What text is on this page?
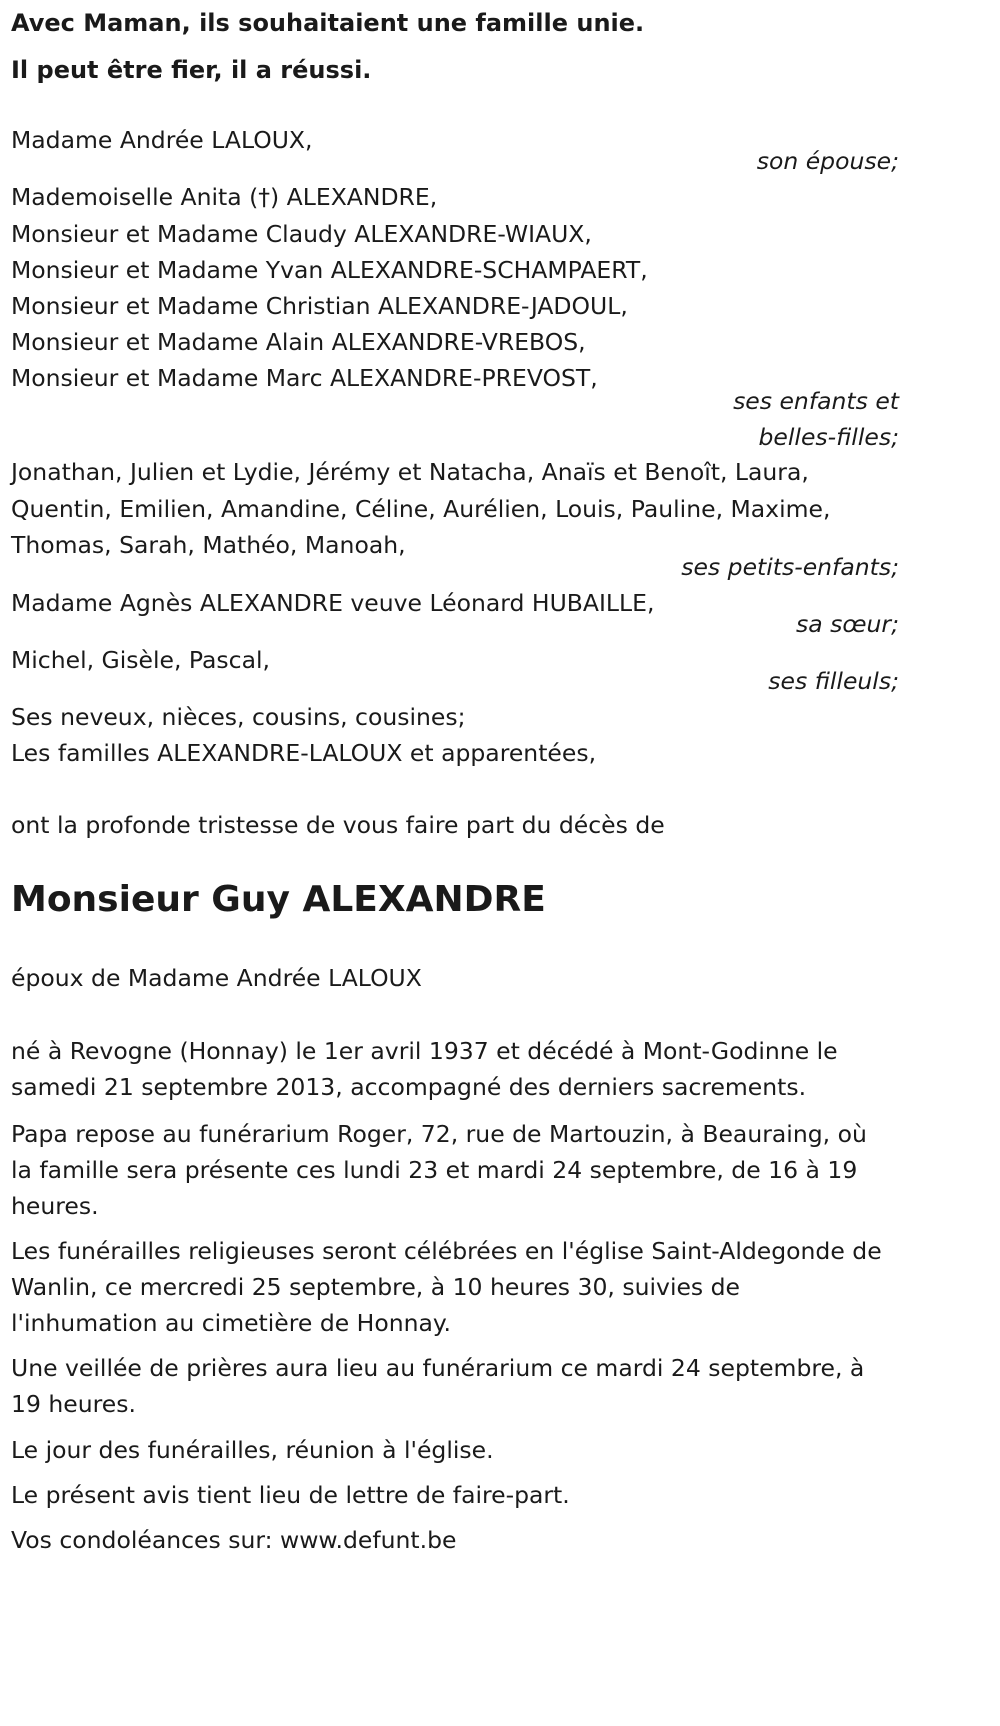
Avec Maman, ils souhaitaient une famille unie.
Il peut être fier, il a réussi.
Madame Andrée LALOUX,
son épouse;
Mademoiselle Anita (†) ALEXANDRE,
Monsieur et Madame Claudy ALEXANDRE-WIAUX,
Monsieur et Madame Yvan ALEXANDRE-SCHAMPAERT,
Monsieur et Madame Christian ALEXANDRE-JADOUL,
Monsieur et Madame Alain ALEXANDRE-VREBOS,
Monsieur et Madame Marc ALEXANDRE-PREVOST,
ses enfants et
belles-filles;
Jonathan, Julien et Lydie, Jérémy et Natacha, Anaïs et Benoît, Laura,
Quentin, Emilien, Amandine, Céline, Aurélien, Louis, Pauline, Maxime,
Thomas, Sarah, Mathéo, Manoah,
ses petits-enfants;
Madame Agnès ALEXANDRE veuve Léonard HUBAILLE,
sa sœur;
Michel, Gisèle, Pascal,
ses filleuls;
Ses neveux, nièces, cousins, cousines;
Les familles ALEXANDRE-LALOUX et apparentées,
ont la profonde tristesse de vous faire part du décès de
Monsieur Guy ALEXANDRE
époux de Madame Andrée LALOUX
né à Revogne (Honnay) le 1er avril 1937 et décédé à Mont-Godinne le
samedi 21 septembre 2013, accompagné des derniers sacrements.
Papa repose au funérarium Roger, 72, rue de Martouzin, à Beauraing, où
la famille sera présente ces lundi 23 et mardi 24 septembre, de 16 à 19
heures.
Les funérailles religieuses seront célébrées en l'église Saint-Aldegonde de
Wanlin, ce mercredi 25 septembre, à 10 heures 30, suivies de
l'inhumation au cimetière de Honnay.
Une veillée de prières aura lieu au funérarium ce mardi 24 septembre, à
19 heures.
Le jour des funérailles, réunion à l'église.
Le présent avis tient lieu de lettre de faire-part.
Vos condoléances sur: www.defunt.be
